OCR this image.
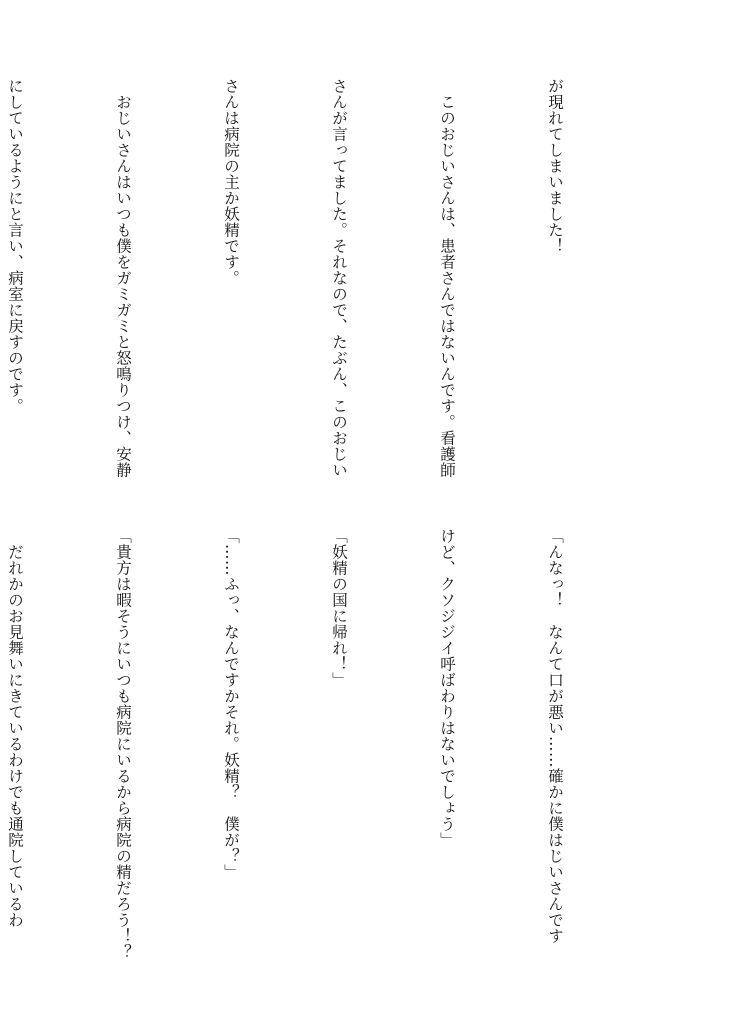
が現れてしまいました！

　このおじいさんは、患者さんではないんです。看護師

さんが言ってました。それなので、たぶん、このおじい

さんは病院の主か妖精です。

　おじいさんはいつも僕をガミガミと怒鳴りつけ、安静

にしているようにと言い、病室に戻すのです。

「んなっ！　なんて口が悪い……確かに僕はじいさんです

けど、クソジジイ呼ばわりはないでしょう」

「妖精の国に帰れ！」

「……ふっ、なんですかそれ。妖精？　僕が？」

「貴方は暇そうにいつも病院にいるから病院の精だろう！？

　だれかのお見舞いにきているわけでも通院しているわ
